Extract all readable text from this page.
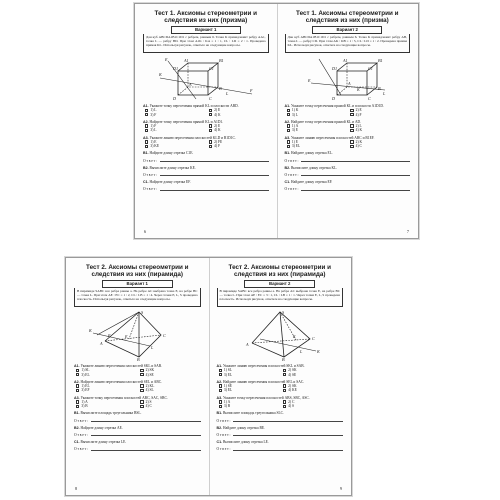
Тест 1. Аксиомы стереометрии и следствия из них (призма)
Вариант 1
Дан куб ABCDA1B1C1D1 с ребром, равным 6. Точка K принадлежит ребру AA1, точка L — ребру BD. При этом A1K : KA = 1 : 1, CL : LD = 2 : 1. Проведена прямая KL. Используя рисунок, ответьте на следующие вопросы.
A1	B1
C1
D1
A
B
C
D
K
L
E
F
А1. Укажите точку пересечения прямой KL и плоскости ABD.
1) L	2) E
3) F	4) K
А2. Найдите точку пересечения прямой KL и A1D1.
1) F	2) E
3) L	4) K
А3. Укажите линию пересечения плоскостей KLD и B1D1C.
1) E	2) FE
3) KE	4) F
В1. Найдите длину отрезка C1E.
Ответ:
В2. Вычислите длину отрезка KE.
Ответ:
С1. Найдите длину отрезка EF.
Ответ:
6
Тест 1. Аксиомы стереометрии и следствия из них (призма)
Вариант 2
Дан куб ABCDA1B1C1D1 с ребром, равным 6. Точка K принадлежит ребру AB, точка L — ребру CD. При этом AK : KB = 1 : 5, CL : LD = 1 : 2. Проведена прямая KL. Используя рисунок, ответьте на следующие вопросы.
A1	B1
C1
D1
A
B
C
D
K
L
E
А1. Укажите точку пересечения прямой KL и плоскости A1D1D.
1) K	2) E
3) L	4) F
А2. Найдите точку пересечения прямой KL и AD.
1) A	2) L
3) E	4) K
А3. Укажите линию пересечения плоскостей ABC и B1EF.
1) E	2) K
3) EL	4) C
В1. Найдите длину отрезка EL.
Ответ:
В2. Вычислите длину отрезка KL.
Ответ:
С1. Найдите длину отрезка EF.
Ответ:
7
Тест 2. Аксиомы стереометрии и следствия из них (пирамида)
Вариант 1
В пирамиде SABC все ребра равны a. На ребре AC выбрана точка E, на ребре BC — точка L. При этом AE : EC = 1 : 2, CL : LB = 1 : 4. Через точки E, L, S проведена плоскость. Используя рисунок, ответьте на следующие вопросы.
S
A
B
C
E
L
F
K
А1. Укажите линию пересечения плоскостей SKL и SAB.
1) SL	2) SK
3) EL	4) SE
А2. Найдите линию пересечения плоскостей SEL и ABC.
1) EL	2) KL
3) EF	4) SL
А3. Укажите точку пересечения плоскостей ABC, SAC, SBC.
1) A	2) S
3) B	4) C
В1. Вычислите площадь треугольника BSL.
Ответ:
В2. Найдите длину отрезка AE.
Ответ:
С1. Вычислите длину отрезка LE.
Ответ:
8
Тест 2. Аксиомы стереометрии и следствия из них (пирамида)
Вариант 2
В пирамиде SABC все ребра равны a. На ребре AC выбрана точка E, на ребре BC — точка L. При этом AE : EC = 3 : 1, CL : LB = 1 : 1. Через точки E, L, S проведена плоскость. Используя рисунок, ответьте на следующие вопросы.
S
A
B
C
E
L	K
А1. Укажите линию пересечения плоскостей SKL и SAB.
1) SL	2) SK
3) EL	4) SE
А2. Найдите линию пересечения плоскостей SEL и SAC.
1) SE	2) SK
3) EL	4) KE
А3. Укажите точку пересечения плоскостей ABS, SBC, ASC.
1) A	2) C
3) B	4) S
В1. Вычислите площадь треугольника SLC.
Ответ:
В2. Найдите длину отрезка BE.
Ответ:
С1. Вычислите длину отрезка LE.
Ответ:
9
